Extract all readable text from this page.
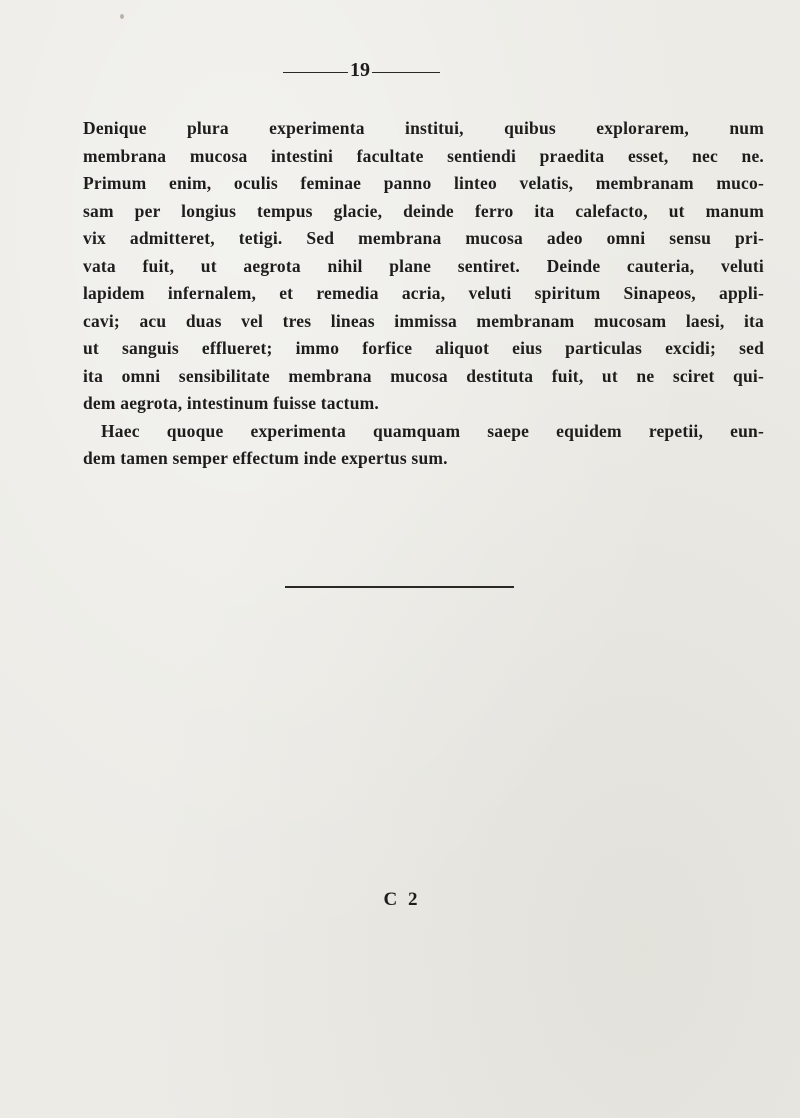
19
Denique plura experimenta institui, quibus explorarem, num
membrana mucosa intestini facultate sentiendi praedita esset, nec ne.
Primum enim, oculis feminae panno linteo velatis, membranam muco-
sam per longius tempus glacie, deinde ferro ita calefacto, ut manum
vix admitteret, tetigi. Sed membrana mucosa adeo omni sensu pri-
vata fuit, ut aegrota nihil plane sentiret. Deinde cauteria, veluti
lapidem infernalem, et remedia acria, veluti spiritum Sinapeos, appli-
cavi; acu duas vel tres lineas immissa membranam mucosam laesi, ita
ut sanguis efflueret; immo forfice aliquot eius particulas excidi; sed
ita omni sensibilitate membrana mucosa destituta fuit, ut ne sciret qui-
dem aegrota, intestinum fuisse tactum.
Haec quoque experimenta quamquam saepe equidem repetii, eun-
dem tamen semper effectum inde expertus sum.
C 2
